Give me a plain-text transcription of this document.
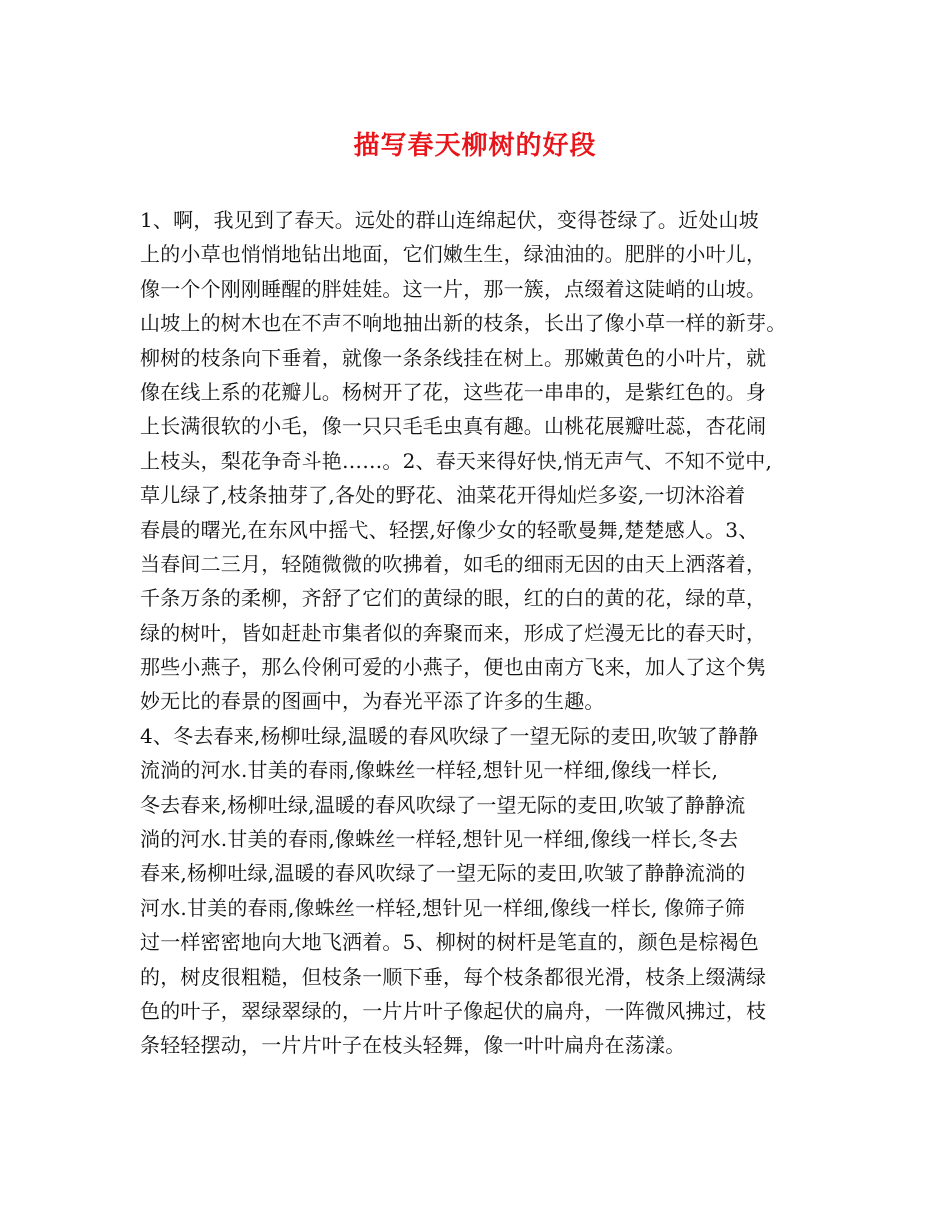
描写春天柳树的好段
1、啊，我见到了春天。远处的群山连绵起伏，变得苍绿了。近处山坡
上的小草也悄悄地钻出地面，它们嫩生生，绿油油的。肥胖的小叶儿，
像一个个刚刚睡醒的胖娃娃。这一片，那一簇，点缀着这陡峭的山坡。
山坡上的树木也在不声不响地抽出新的枝条，长出了像小草一样的新芽。
柳树的枝条向下垂着，就像一条条线挂在树上。那嫩黄色的小叶片，就
像在线上系的花瓣儿。杨树开了花，这些花一串串的，是紫红色的。身
上长满很软的小毛，像一只只毛毛虫真有趣。山桃花展瓣吐蕊，杏花闹
上枝头，梨花争奇斗艳……。2、春天来得好快,悄无声气、不知不觉中,
草儿绿了,枝条抽芽了,各处的野花、油菜花开得灿烂多姿,一切沐浴着
春晨的曙光,在东风中摇弋、轻摆,好像少女的轻歌曼舞,楚楚感人。3、
当春间二三月，轻随微微的吹拂着，如毛的细雨无因的由天上洒落着，
千条万条的柔柳，齐舒了它们的黄绿的眼，红的白的黄的花，绿的草，
绿的树叶，皆如赶赴市集者似的奔聚而来，形成了烂漫无比的春天时，
那些小燕子，那么伶俐可爱的小燕子，便也由南方飞来，加人了这个隽
妙无比的春景的图画中，为春光平添了许多的生趣。
4、冬去春来,杨柳吐绿,温暖的春风吹绿了一望无际的麦田,吹皱了静静
流淌的河水.甘美的春雨,像蛛丝一样轻,想针见一样细,像线一样长,
冬去春来,杨柳吐绿,温暖的春风吹绿了一望无际的麦田,吹皱了静静流
淌的河水.甘美的春雨,像蛛丝一样轻,想针见一样细,像线一样长,冬去
春来,杨柳吐绿,温暖的春风吹绿了一望无际的麦田,吹皱了静静流淌的
河水.甘美的春雨,像蛛丝一样轻,想针见一样细,像线一样长, 像筛子筛
过一样密密地向大地飞洒着。5、柳树的树杆是笔直的，颜色是棕褐色
的，树皮很粗糙，但枝条一顺下垂，每个枝条都很光滑，枝条上缀满绿
色的叶子，翠绿翠绿的，一片片叶子像起伏的扁舟，一阵微风拂过，枝
条轻轻摆动，一片片叶子在枝头轻舞，像一叶叶扁舟在荡漾。
